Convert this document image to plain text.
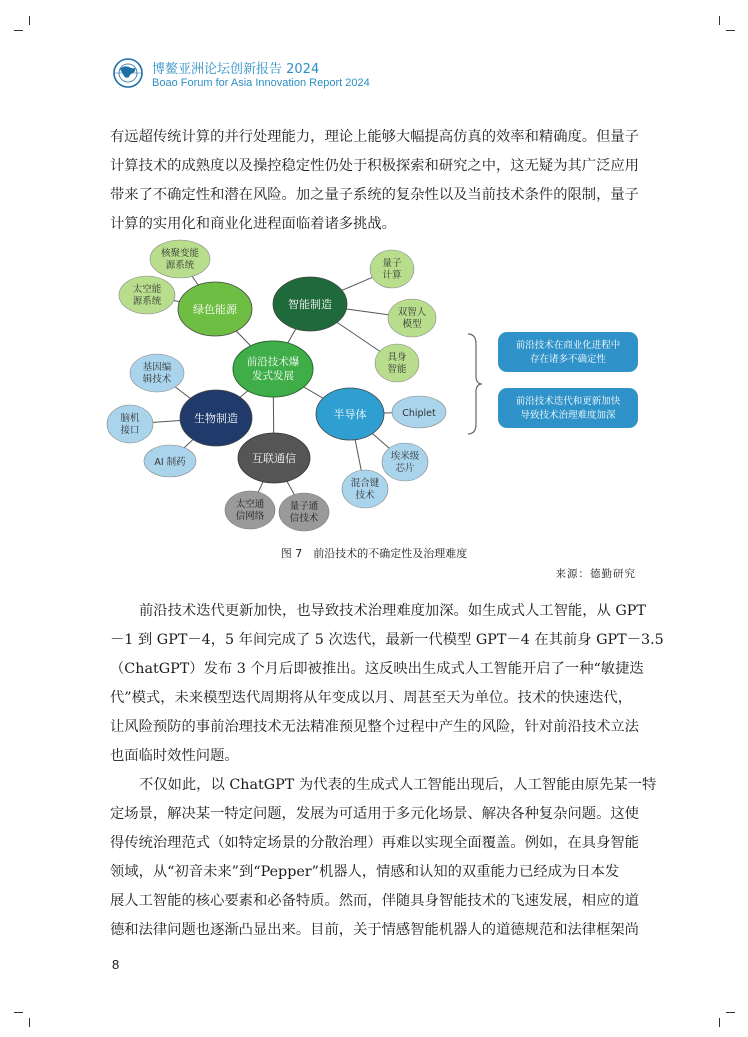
博鳌亚洲论坛创新报告 2024
Boao Forum for Asia Innovation Report 2024
有远超传统计算的并行处理能力，理论上能够大幅提高仿真的效率和精确度。但量子
计算技术的成熟度以及操控稳定性仍处于积极探索和研究之中，这无疑为其广泛应用
带来了不确定性和潜在风险。加之量子系统的复杂性以及当前技术条件的限制，量子
计算的实用化和商业化进程面临着诸多挑战。
核聚变能
源系统
太空能
源系统
量子
计算
双智人
模型
具身
智能
基因编
辑技术
脑机
接口
AI 制药
Chiplet
埃米级
芯片
混合键
技术
太空通
信网络
量子通
信技术
绿色能源	智能制造
生物制造	半导体
互联通信
前沿技术爆
发式发展
前沿技术在商业化进程中
存在诸多不确定性
前沿技术迭代和更新加快
导致技术治理难度加深
图 7　前沿技术的不确定性及治理难度
来源：德勤研究
前沿技术迭代更新加快，也导致技术治理难度加深。如生成式人工智能，从 GPT
－1 到 GPT－4，5 年间完成了 5 次迭代，最新一代模型 GPT－4 在其前身 GPT－3.5
（ChatGPT）发布 3 个月后即被推出。这反映出生成式人工智能开启了一种“敏捷迭
代”模式，未来模型迭代周期将从年变成以月、周甚至天为单位。技术的快速迭代，
让风险预防的事前治理技术无法精准预见整个过程中产生的风险，针对前沿技术立法
也面临时效性问题。
不仅如此，以 ChatGPT 为代表的生成式人工智能出现后，人工智能由原先某一特
定场景，解决某一特定问题，发展为可适用于多元化场景、解决各种复杂问题。这使
得传统治理范式（如特定场景的分散治理）再难以实现全面覆盖。例如，在具身智能
领域，从“初音未来”到“Pepper”机器人，情感和认知的双重能力已经成为日本发
展人工智能的核心要素和必备特质。然而，伴随具身智能技术的飞速发展，相应的道
德和法律问题也逐渐凸显出来。目前，关于情感智能机器人的道德规范和法律框架尚
8
